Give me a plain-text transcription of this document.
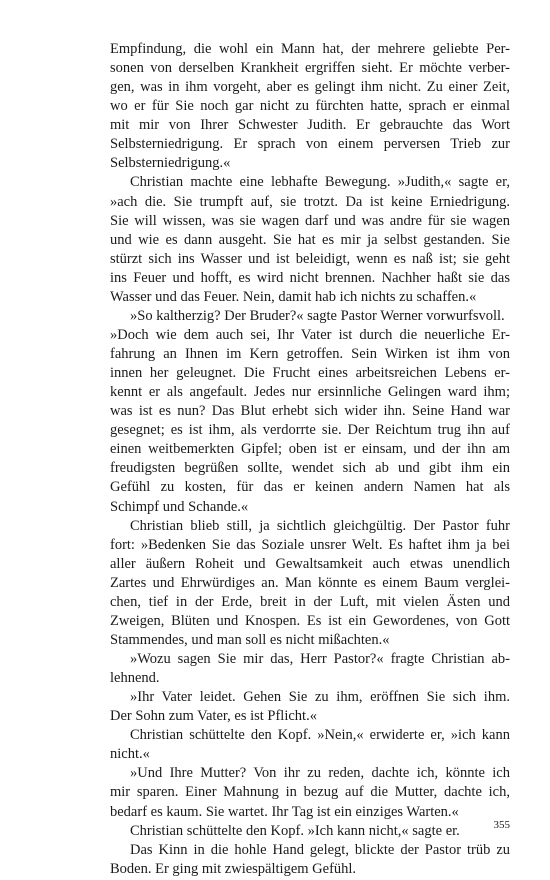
Empfindung, die wohl ein Mann hat, der mehrere geliebte Per-
sonen von derselben Krankheit ergriffen sieht. Er möchte verber-
gen, was in ihm vorgeht, aber es gelingt ihm nicht. Zu einer Zeit,
wo er für Sie noch gar nicht zu fürchten hatte, sprach er einmal
mit mir von Ihrer Schwester Judith. Er gebrauchte das Wort
Selbsterniedrigung. Er sprach von einem perversen Trieb zur
Selbsterniedrigung.«
Christian machte eine lebhafte Bewegung. »Judith,« sagte er,
»ach die. Sie trumpft auf, sie trotzt. Da ist keine Erniedrigung.
Sie will wissen, was sie wagen darf und was andre für sie wagen
und wie es dann ausgeht. Sie hat es mir ja selbst gestanden. Sie
stürzt sich ins Wasser und ist beleidigt, wenn es naß ist; sie geht
ins Feuer und hofft, es wird nicht brennen. Nachher haßt sie das
Wasser und das Feuer. Nein, damit hab ich nichts zu schaffen.«
»So kaltherzig? Der Bruder?« sagte Pastor Werner vorwurfsvoll.
»Doch wie dem auch sei, Ihr Vater ist durch die neuerliche Er-
fahrung an Ihnen im Kern getroffen. Sein Wirken ist ihm von
innen her geleugnet. Die Frucht eines arbeitsreichen Lebens er-
kennt er als angefault. Jedes nur ersinnliche Gelingen ward ihm;
was ist es nun? Das Blut erhebt sich wider ihn. Seine Hand war
gesegnet; es ist ihm, als verdorrte sie. Der Reichtum trug ihn auf
einen weitbemerkten Gipfel; oben ist er einsam, und der ihn am
freudigsten begrüßen sollte, wendet sich ab und gibt ihm ein
Gefühl zu kosten, für das er keinen andern Namen hat als
Schimpf und Schande.«
Christian blieb still, ja sichtlich gleichgültig. Der Pastor fuhr
fort: »Bedenken Sie das Soziale unsrer Welt. Es haftet ihm ja bei
aller äußern Roheit und Gewaltsamkeit auch etwas unendlich
Zartes und Ehrwürdiges an. Man könnte es einem Baum verglei-
chen, tief in der Erde, breit in der Luft, mit vielen Ästen und
Zweigen, Blüten und Knospen. Es ist ein Gewordenes, von Gott
Stammendes, und man soll es nicht mißachten.«
»Wozu sagen Sie mir das, Herr Pastor?« fragte Christian ab-
lehnend.
»Ihr Vater leidet. Gehen Sie zu ihm, eröffnen Sie sich ihm.
Der Sohn zum Vater, es ist Pflicht.«
Christian schüttelte den Kopf. »Nein,« erwiderte er, »ich kann
nicht.«
»Und Ihre Mutter? Von ihr zu reden, dachte ich, könnte ich
mir sparen. Einer Mahnung in bezug auf die Mutter, dachte ich,
bedarf es kaum. Sie wartet. Ihr Tag ist ein einziges Warten.«
Christian schüttelte den Kopf. »Ich kann nicht,« sagte er.
Das Kinn in die hohle Hand gelegt, blickte der Pastor trüb zu
Boden. Er ging mit zwiespältigem Gefühl.
355
